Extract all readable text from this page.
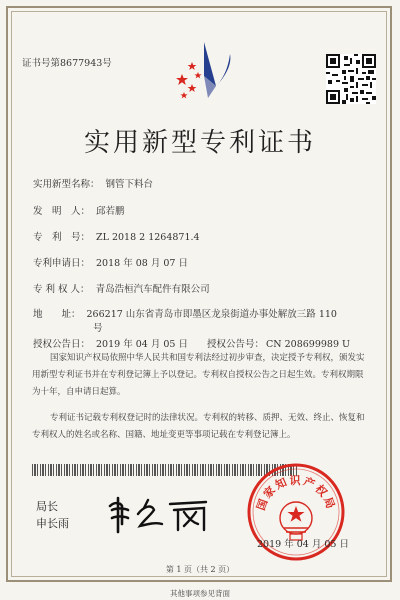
证书号第8677943号
实用新型专利证书
实用新型名称： 钢管下料台
发　明　人： 邱若鹏
专　利　号： ZL 2018 2 1264871.4
专利申请日： 2018 年 08 月 07 日
专 利 权 人： 青岛浩桓汽车配件有限公司
地　　址： 266217 山东省青岛市即墨区龙泉街道办事处解放三路 110
号
授权公告日： 2019 年 04 月 05 日 授权公告号： CN 208699989 U
国家知识产权局依照中华人民共和国专利法经过初步审查，决定授予专利权，颁发实用新型专利证书并在专利登记簿上予以登记。专利权自授权公告之日起生效。专利权期限为十年，自申请日起算。
专利证书记载专利权登记时的法律状况。专利权的转移、质押、无效、终止、恢复和专利权人的姓名或名称、国籍、地址变更等事项记载在专利登记簿上。
局长
申长雨
国家知识产权局
2019 年 04 月 05 日
第 1 页（共 2 页）
其他事项参见背面
